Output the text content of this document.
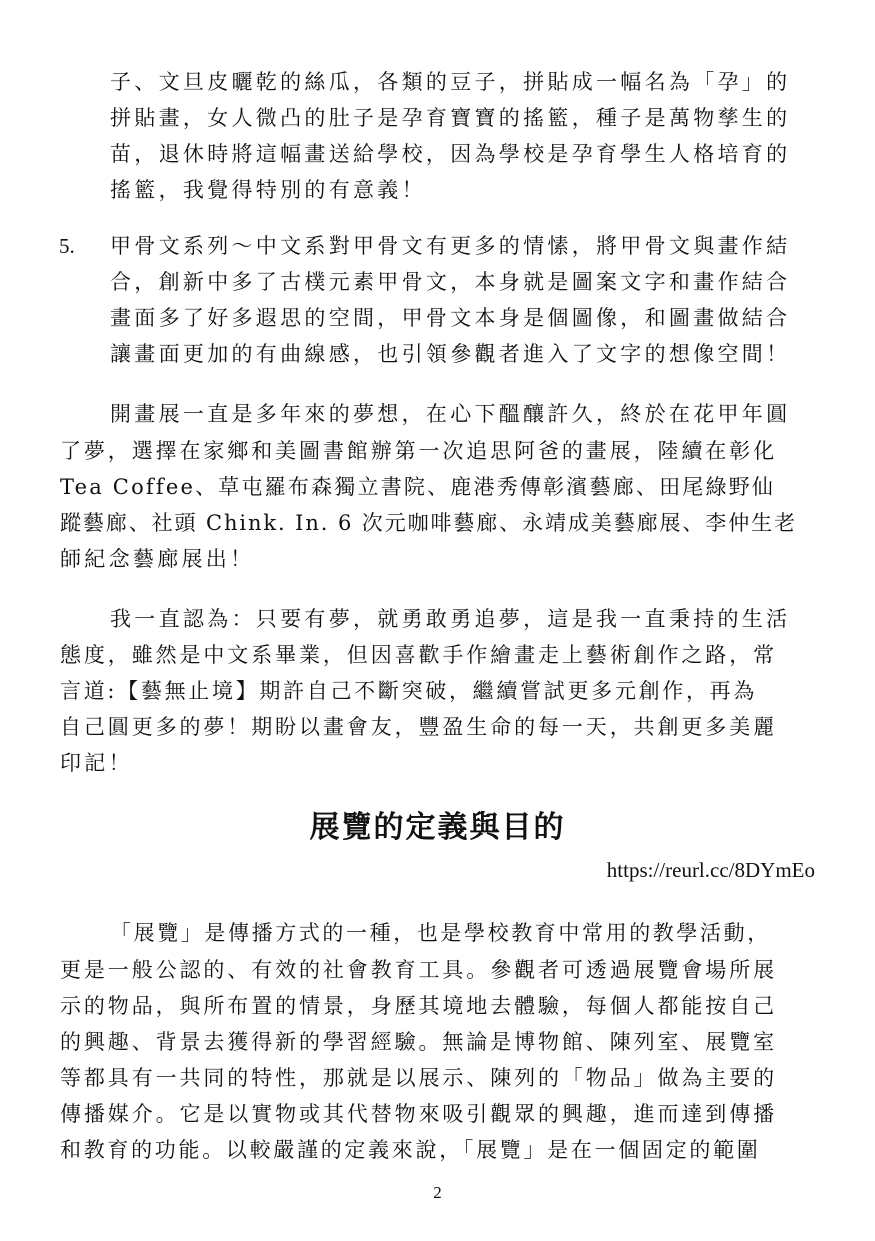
子、文旦皮曬乾的絲瓜，各類的豆子，拼貼成一幅名為「孕」的
拼貼畫，女人微凸的肚子是孕育寶寶的搖籃，種子是萬物孳生的
苗，退休時將這幅畫送給學校，因為學校是孕育學生人格培育的
搖籃，我覺得特別的有意義！
5. 甲骨文系列～中文系對甲骨文有更多的情愫，將甲骨文與畫作結
合，創新中多了古樸元素甲骨文，本身就是圖案文字和畫作結合
畫面多了好多遐思的空間，甲骨文本身是個圖像，和圖畫做結合
讓畫面更加的有曲線感，也引領參觀者進入了文字的想像空間！
開畫展一直是多年來的夢想，在心下醞釀許久，終於在花甲年圓
了夢，選擇在家鄉和美圖書館辦第一次追思阿爸的畫展，陸續在彰化
Tea Coffee、草屯羅布森獨立書院、鹿港秀傳彰濱藝廊、田尾綠野仙
蹤藝廊、社頭 Chink. In. 6 次元咖啡藝廊、永靖成美藝廊展、李仲生老
師紀念藝廊展出！
我一直認為：只要有夢，就勇敢勇追夢，這是我一直秉持的生活
態度，雖然是中文系畢業，但因喜歡手作繪畫走上藝術創作之路，常
言道:【藝無止境】期許自己不斷突破，繼續嘗試更多元創作，再為
自己圓更多的夢！期盼以畫會友，豐盈生命的每一天，共創更多美麗
印記！
展覽的定義與目的
https://reurl.cc/8DYmEo
「展覽」是傳播方式的一種，也是學校教育中常用的教學活動，
更是一般公認的、有效的社會教育工具。參觀者可透過展覽會場所展
示的物品，與所布置的情景，身歷其境地去體驗，每個人都能按自己
的興趣、背景去獲得新的學習經驗。無論是博物館、陳列室、展覽室
等都具有一共同的特性，那就是以展示、陳列的「物品」做為主要的
傳播媒介。它是以實物或其代替物來吸引觀眾的興趣，進而達到傳播
和教育的功能。以較嚴謹的定義來說，「展覽」是在一個固定的範圍
2
